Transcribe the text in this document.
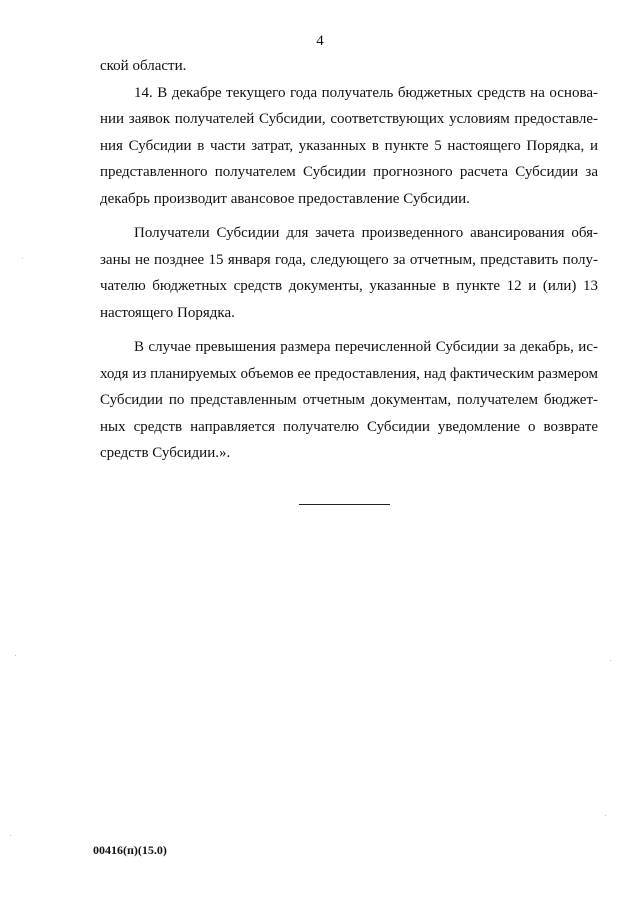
4
ской области.
14. В декабре текущего года получатель бюджетных средств на основа-
нии заявок получателей Субсидии, соответствующих условиям предоставле-
ния Субсидии в части затрат, указанных в пункте 5 настоящего Порядка, и
представленного получателем Субсидии прогнозного расчета Субсидии за
декабрь производит авансовое предоставление Субсидии.
Получатели Субсидии для зачета произведенного авансирования обя-
заны не позднее 15 января года, следующего за отчетным, представить полу-
чателю бюджетных средств документы, указанные в пункте 12 и (или) 13
настоящего Порядка.
В случае превышения размера перечисленной Субсидии за декабрь, ис-
ходя из планируемых объемов ее предоставления, над фактическим размером
Субсидии по представленным отчетным документам, получателем бюджет-
ных средств направляется получателю Субсидии уведомление о возврате
средств Субсидии.».
00416(п)(15.0)
